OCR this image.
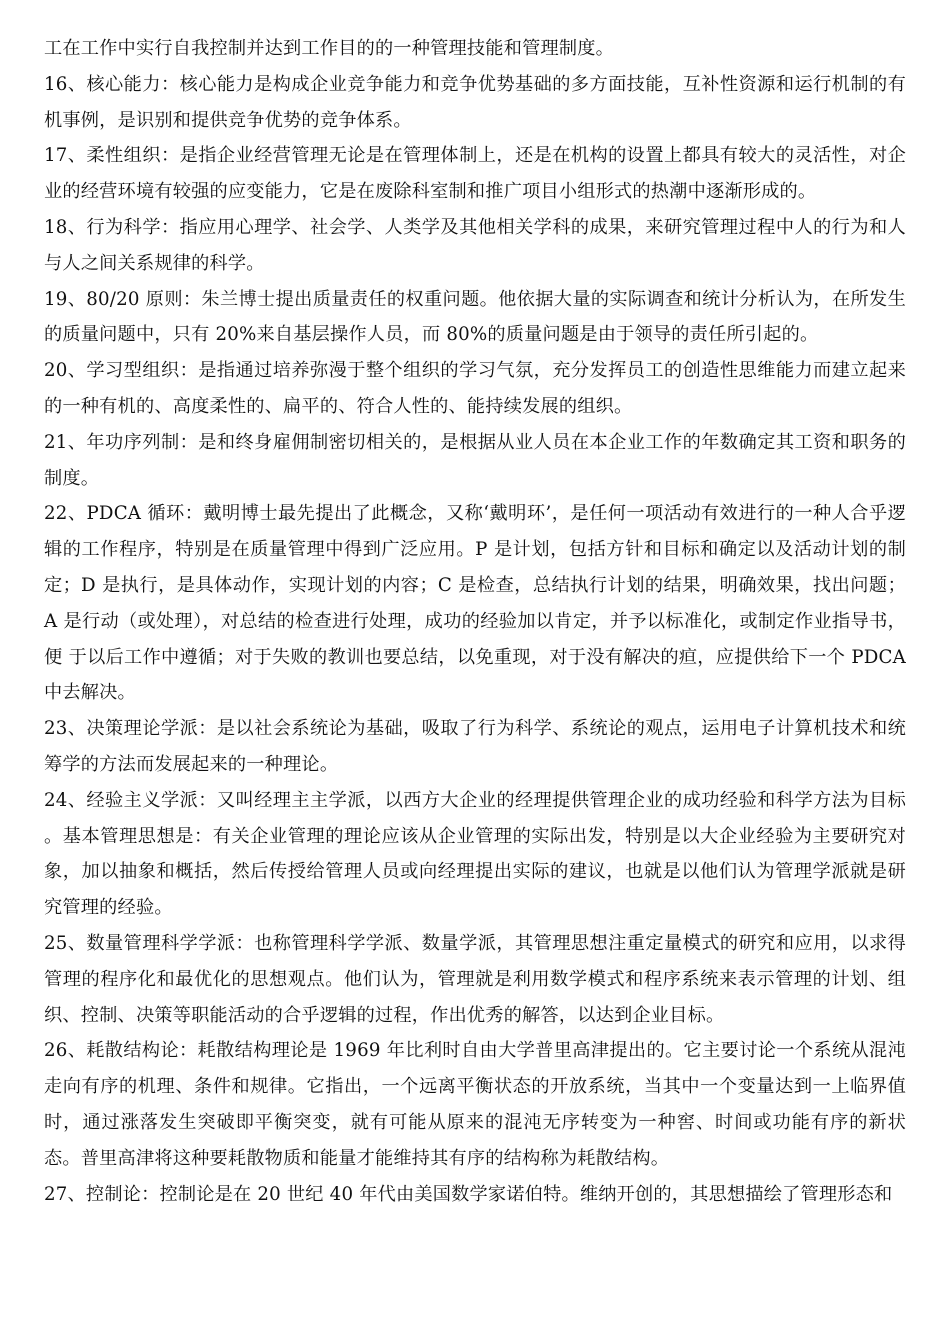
工在工作中实行自我控制并达到工作目的的一种管理技能和管理制度。

16、核心能力：核心能力是构成企业竞争能力和竞争优势基础的多方面技能，互补性资源和运行机制的有机事例，是识别和提供竞争优势的竞争体系。

17、柔性组织：是指企业经营管理无论是在管理体制上，还是在机构的设置上都具有较大的灵活性，对企业的经营环境有较强的应变能力，它是在废除科室制和推广项目小组形式的热潮中逐渐形成的。

18、行为科学：指应用心理学、社会学、人类学及其他相关学科的成果，来研究管理过程中人的行为和人与人之间关系规律的科学。

19、80/20 原则：朱兰博士提出质量责任的权重问题。他依据大量的实际调查和统计分析认为，在所发生的质量问题中，只有 20%来自基层操作人员，而 80%的质量问题是由于领导的责任所引起的。

20、学习型组织：是指通过培养弥漫于整个组织的学习气氛，充分发挥员工的创造性思维能力而建立起来的一种有机的、高度柔性的、扁平的、符合人性的、能持续发展的组织。

21、年功序列制：是和终身雇佣制密切相关的，是根据从业人员在本企业工作的年数确定其工资和职务的制度。

22、PDCA 循环：戴明博士最先提出了此概念，又称‘戴明环’，是任何一项活动有效进行的一种人合乎逻辑的工作程序，特别是在质量管理中得到广泛应用。P 是计划，包括方针和目标和确定以及活动计划的制定；D 是执行，是具体动作，实现计划的内容；C 是检查，总结执行计划的结果，明确效果，找出问题；A 是行动（或处理），对总结的检查进行处理，成功的经验加以肯定，并予以标准化，或制定作业指导书，便 于以后工作中遵循；对于失败的教训也要总结，以免重现，对于没有解决的疸，应提供给下一个 PDCA 中去解决。

23、决策理论学派：是以社会系统论为基础，吸取了行为科学、系统论的观点，运用电子计算机技术和统筹学的方法而发展起来的一种理论。

24、经验主义学派：又叫经理主主学派，以西方大企业的经理提供管理企业的成功经验和科学方法为目标 。基本管理思想是：有关企业管理的理论应该从企业管理的实际出发，特别是以大企业经验为主要研究对象，加以抽象和概括，然后传授给管理人员或向经理提出实际的建议，也就是以他们认为管理学派就是研究管理的经验。

25、数量管理科学学派：也称管理科学学派、数量学派，其管理思想注重定量模式的研究和应用，以求得管理的程序化和最优化的思想观点。他们认为，管理就是利用数学模式和程序系统来表示管理的计划、组织、控制、决策等职能活动的合乎逻辑的过程，作出优秀的解答，以达到企业目标。

26、耗散结构论：耗散结构理论是 1969 年比利时自由大学普里高津提出的。它主要讨论一个系统从混沌走向有序的机理、条件和规律。它指出，一个远离平衡状态的开放系统，当其中一个变量达到一上临界值时，通过涨落发生突破即平衡突变，就有可能从原来的混沌无序转变为一种窖、时间或功能有序的新状态。普里高津将这种要耗散物质和能量才能维持其有序的结构称为耗散结构。

27、控制论：控制论是在 20 世纪 40 年代由美国数学家诺伯特。维纳开创的，其思想描绘了管理形态和
